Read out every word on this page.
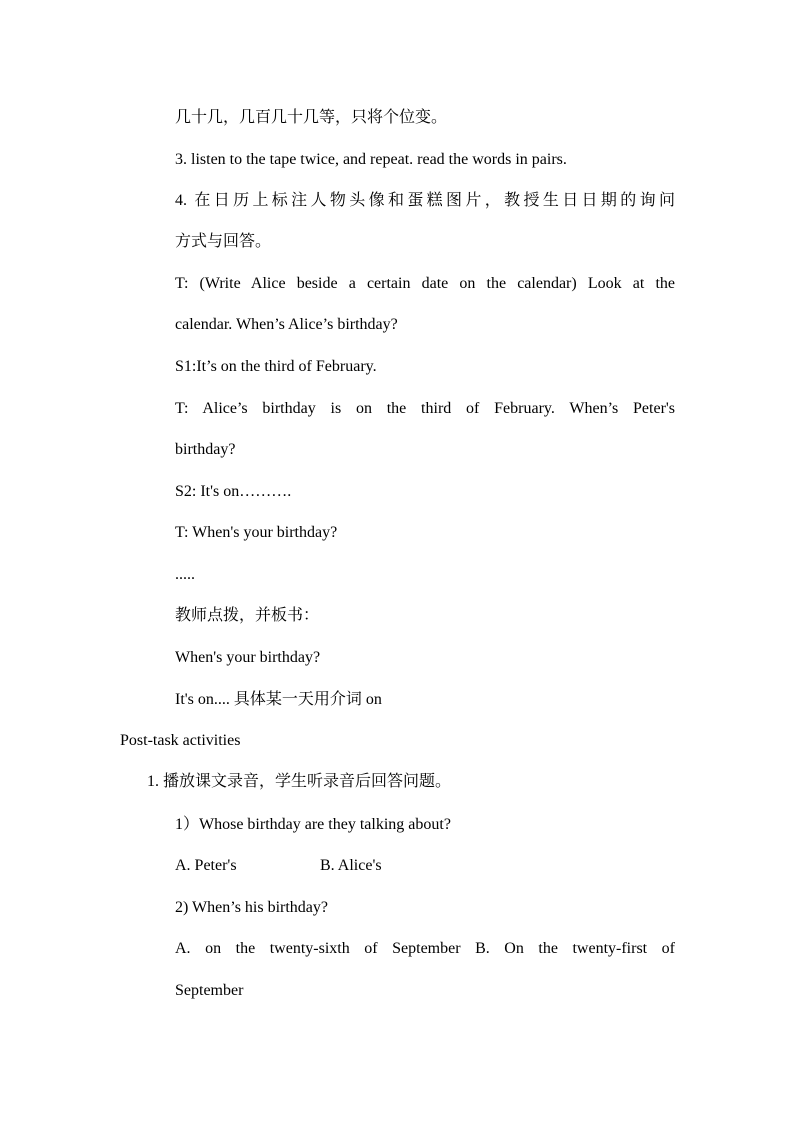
几十几，几百几十几等，只将个位变。
3. listen to the tape twice, and repeat. read the words in pairs.
4. 在日历上标注人物头像和蛋糕图片，教授生日日期的询问
方式与回答。
T: (Write Alice beside a certain date on the calendar) Look at the
calendar. When’s Alice’s birthday?
S1:It’s on the third of February.
T: Alice’s birthday is on the third of February. When’s Peter's
birthday?
S2: It's on……….
T: When's your birthday?
.....
教师点拨，并板书：
When's your birthday?
It's on.... 具体某一天用介词 on
Post-task activities
1. 播放课文录音，学生听录音后回答问题。
1）Whose birthday are they talking about?
A. Peter's	B. Alice's
2) When’s his birthday?
A. on the twenty-sixth of September B. On the twenty-first of
September
